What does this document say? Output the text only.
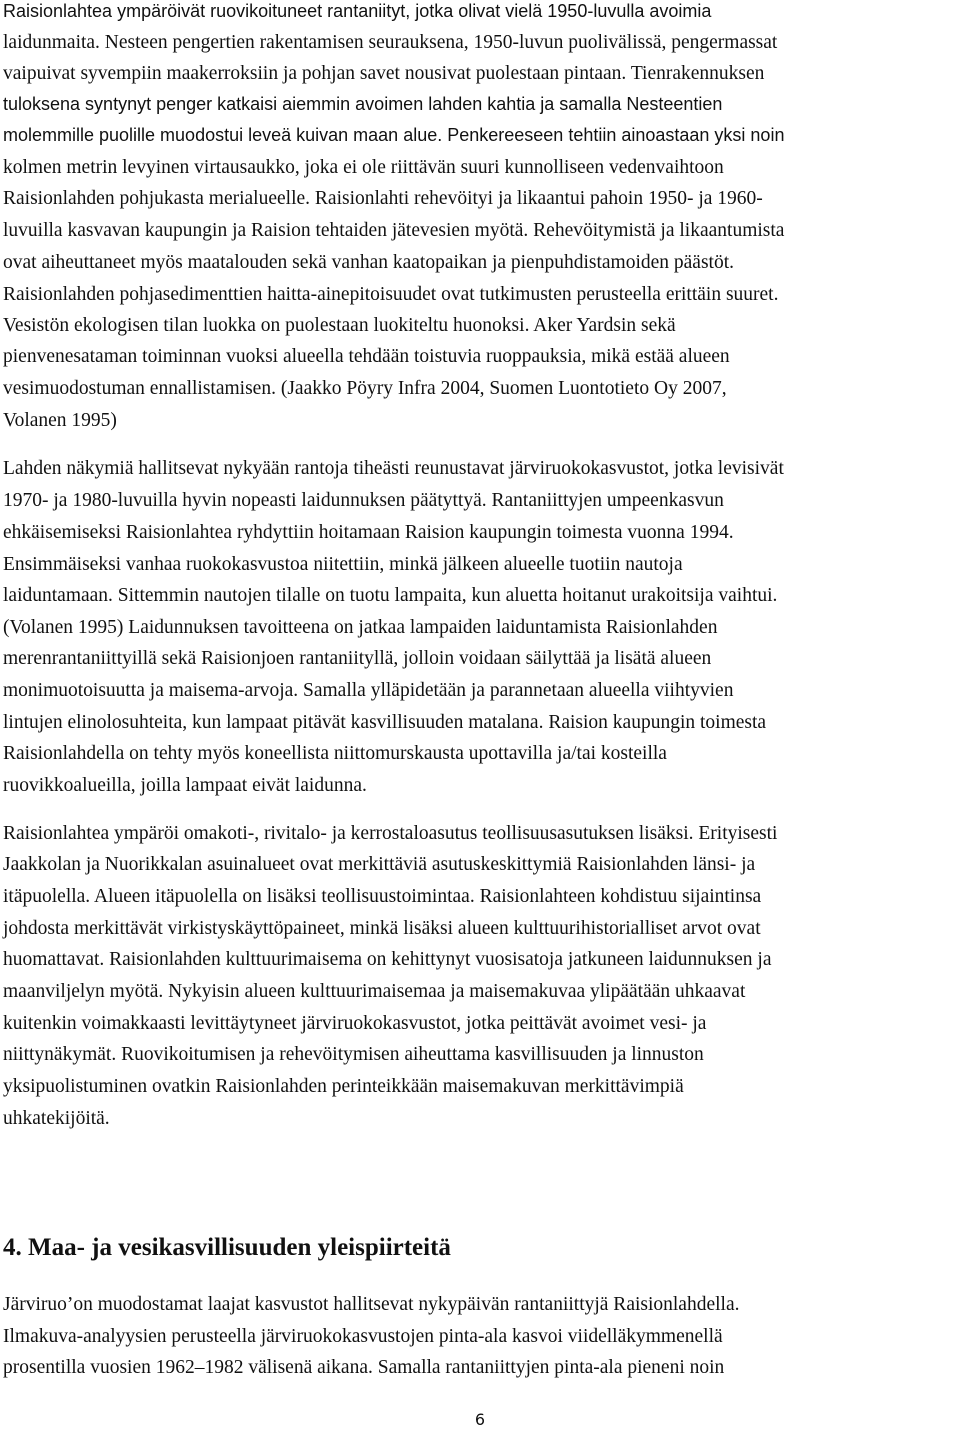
Raisionlahtea ympäröivät ruovikoituneet rantaniityt, jotka olivat vielä 1950-luvulla avoimia
laidunmaita. Nesteen pengertien rakentamisen seurauksena, 1950-luvun puolivälissä, pengermassat
vaipuivat syvempiin maakerroksiin ja pohjan savet nousivat puolestaan pintaan. Tienrakennuksen
tuloksena syntynyt penger katkaisi aiemmin avoimen lahden kahtia ja samalla Nesteentien
molemmille puolille muodostui leveä kuivan maan alue. Penkereeseen tehtiin ainoastaan yksi noin
kolmen metrin levyinen virtausaukko, joka ei ole riittävän suuri kunnolliseen vedenvaihtoon
Raisionlahden pohjukasta merialueelle. Raisionlahti rehevöityi ja likaantui pahoin 1950- ja 1960-
luvuilla kasvavan kaupungin ja Raision tehtaiden jätevesien myötä. Rehevöitymistä ja likaantumista
ovat aiheuttaneet myös maatalouden sekä vanhan kaatopaikan ja pienpuhdistamoiden päästöt.
Raisionlahden pohjasedimenttien haitta-ainepitoisuudet ovat tutkimusten perusteella erittäin suuret.
Vesistön ekologisen tilan luokka on puolestaan luokiteltu huonoksi. Aker Yardsin sekä
pienvenesataman toiminnan vuoksi alueella tehdään toistuvia ruoppauksia, mikä estää alueen
vesimuodostuman ennallistamisen. (Jaakko Pöyry Infra 2004, Suomen Luontotieto Oy 2007,
Volanen 1995)
Lahden näkymiä hallitsevat nykyään rantoja tiheästi reunustavat järviruokokasvustot, jotka levisivät
1970- ja 1980-luvuilla hyvin nopeasti laidunnuksen päätyttyä. Rantaniittyjen umpeenkasvun
ehkäisemiseksi Raisionlahtea ryhdyttiin hoitamaan Raision kaupungin toimesta vuonna 1994.
Ensimmäiseksi vanhaa ruokokasvustoa niitettiin, minkä jälkeen alueelle tuotiin nautoja
laiduntamaan. Sittemmin nautojen tilalle on tuotu lampaita, kun aluetta hoitanut urakoitsija vaihtui.
(Volanen 1995) Laidunnuksen tavoitteena on jatkaa lampaiden laiduntamista Raisionlahden
merenrantaniittyillä sekä Raisionjoen rantaniityllä, jolloin voidaan säilyttää ja lisätä alueen
monimuotoisuutta ja maisema-arvoja. Samalla ylläpidetään ja parannetaan alueella viihtyvien
lintujen elinolosuhteita, kun lampaat pitävät kasvillisuuden matalana. Raision kaupungin toimesta
Raisionlahdella on tehty myös koneellista niittomurskausta upottavilla ja/tai kosteilla
ruovikkoalueilla, joilla lampaat eivät laidunna.
Raisionlahtea ympäröi omakoti-, rivitalo- ja kerrostaloasutus teollisuusasutuksen lisäksi. Erityisesti
Jaakkolan ja Nuorikkalan asuinalueet ovat merkittäviä asutuskeskittymiä Raisionlahden länsi- ja
itäpuolella. Alueen itäpuolella on lisäksi teollisuustoimintaa. Raisionlahteen kohdistuu sijaintinsa
johdosta merkittävät virkistyskäyttöpaineet, minkä lisäksi alueen kulttuurihistorialliset arvot ovat
huomattavat. Raisionlahden kulttuurimaisema on kehittynyt vuosisatoja jatkuneen laidunnuksen ja
maanviljelyn myötä. Nykyisin alueen kulttuurimaisemaa ja maisemakuvaa ylipäätään uhkaavat
kuitenkin voimakkaasti levittäytyneet järviruokokasvustot, jotka peittävät avoimet vesi- ja
niittynäkymät. Ruovikoitumisen ja rehevöitymisen aiheuttama kasvillisuuden ja linnuston
yksipuolistuminen ovatkin Raisionlahden perinteikkään maisemakuvan merkittävimpiä
uhkatekijöitä.
4. Maa- ja vesikasvillisuuden yleispiirteitä
Järviruo’on muodostamat laajat kasvustot hallitsevat nykypäivän rantaniittyjä Raisionlahdella.
Ilmakuva-analyysien perusteella järviruokokasvustojen pinta-ala kasvoi viidelläkymmenellä
prosentilla vuosien 1962–1982 välisenä aikana. Samalla rantaniittyjen pinta-ala pieneni noin
6
